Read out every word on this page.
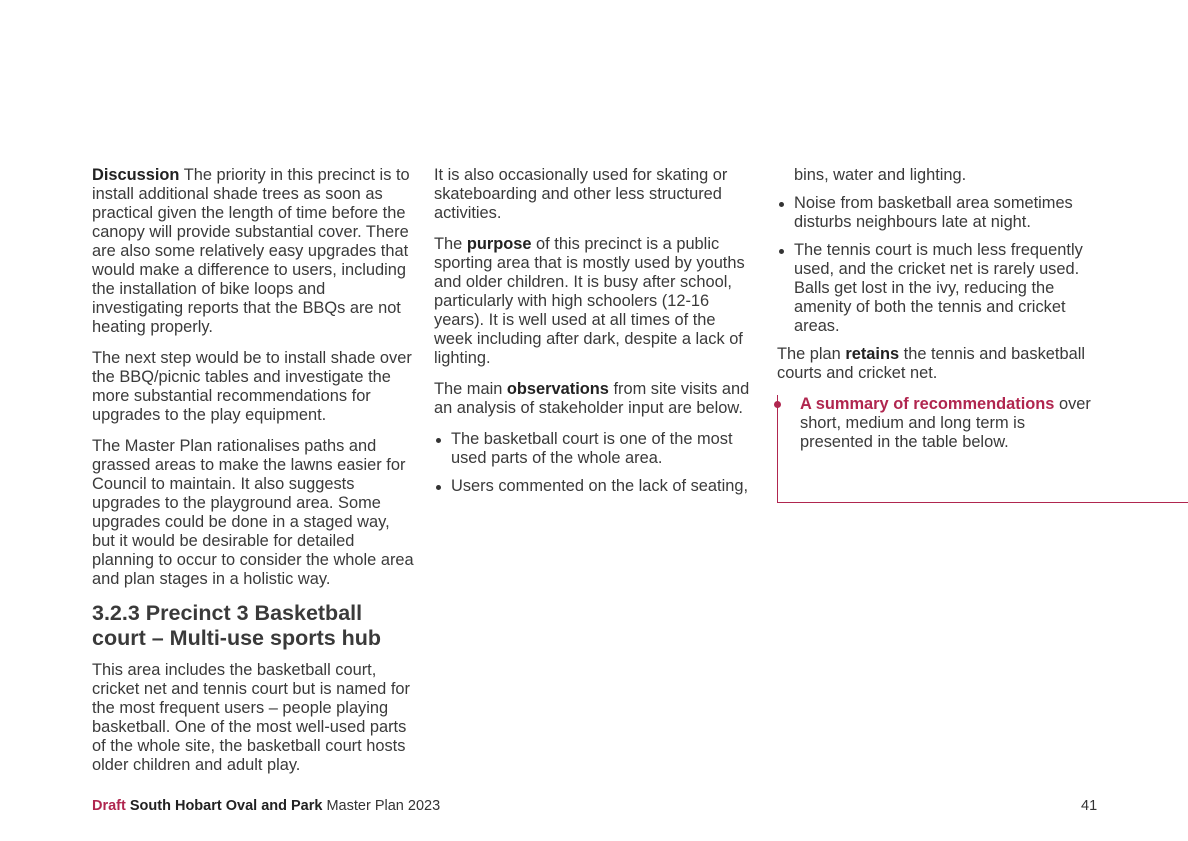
Discussion The priority in this precinct is to install additional shade trees as soon as practical given the length of time before the canopy will provide substantial cover. There are also some relatively easy upgrades that would make a difference to users, including the installation of bike loops and investigating reports that the BBQs are not heating properly.

The next step would be to install shade over the BBQ/picnic tables and investigate the more substantial recommendations for upgrades to the play equipment.

The Master Plan rationalises paths and grassed areas to make the lawns easier for Council to maintain. It also suggests upgrades to the playground area. Some upgrades could be done in a staged way, but it would be desirable for detailed planning to occur to consider the whole area and plan stages in a holistic way.

3.2.3 Precinct 3 Basketball court – Multi-use sports hub

This area includes the basketball court, cricket net and tennis court but is named for the most frequent users – people playing basketball. One of the most well-used parts of the whole site, the basketball court hosts older children and adult play.

It is also occasionally used for skating or skateboarding and other less structured activities.

The purpose of this precinct is a public sporting area that is mostly used by youths and older children. It is busy after school, particularly with high schoolers (12-16 years). It is well used at all times of the week including after dark, despite a lack of lighting.

The main observations from site visits and an analysis of stakeholder input are below.

The basketball court is one of the most used parts of the whole area.
Users commented on the lack of seating,
bins, water and lighting.
Noise from basketball area sometimes disturbs neighbours late at night.
The tennis court is much less frequently used, and the cricket net is rarely used. Balls get lost in the ivy, reducing the amenity of both the tennis and cricket areas.

The plan retains the tennis and basketball courts and cricket net.

A summary of recommendations over short, medium and long term is presented in the table below.

Draft South Hobart Oval and Park Master Plan 2023	41
